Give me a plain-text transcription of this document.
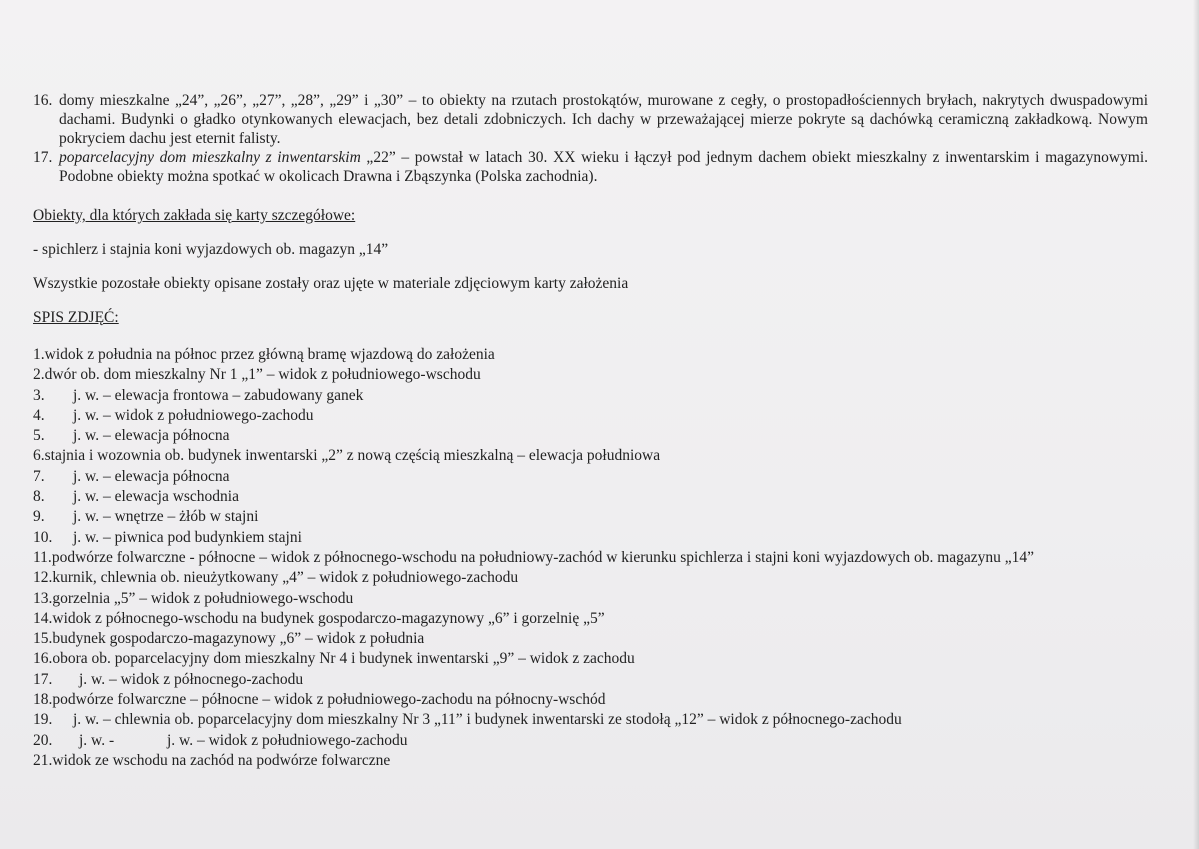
16. domy mieszkalne „24”, „26”, „27”, „28”, „29” i „30” – to obiekty na rzutach prostokątów, murowane z cegły, o prostopadłościennych bryłach, nakrytych dwuspadowymi dachami. Budynki o gładko otynkowanych elewacjach, bez detali zdobniczych. Ich dachy w przeważającej mierze pokryte są dachówką ceramiczną zakładkową. Nowym pokryciem dachu jest eternit falisty.
17. poparcelacyjny dom mieszkalny z inwentarskim „22” – powstał w latach 30. XX wieku i łączył pod jednym dachem obiekt mieszkalny z inwentarskim i magazynowymi. Podobne obiekty można spotkać w okolicach Drawna i Zbąszynka (Polska zachodnia).
Obiekty, dla których zakłada się karty szczegółowe:
- spichlerz i stajnia koni wyjazdowych ob. magazyn „14”
Wszystkie pozostałe obiekty opisane zostały oraz ujęte w materiale zdjęciowym karty założenia
SPIS ZDJĘĆ:
1.widok z południa na północ przez główną bramę wjazdową do założenia
2.dwór ob. dom mieszkalny Nr 1 „1” – widok z południowego-wschodu
3. j. w. – elewacja frontowa – zabudowany ganek
4. j. w. – widok z południowego-zachodu
5. j. w. – elewacja północna
6.stajnia i wozownia ob. budynek inwentarski „2” z nową częścią mieszkalną – elewacja południowa
7. j. w. – elewacja północna
8. j. w. – elewacja wschodnia
9. j. w. – wnętrze – żłób w stajni
10. j. w. – piwnica pod budynkiem stajni
11.podwórze folwarczne - północne – widok z północnego-wschodu na południowy-zachód w kierunku spichlerza i stajni koni wyjazdowych ob. magazynu „14”
12.kurnik, chlewnia ob. nieużytkowany „4” – widok z południowego-zachodu
13.gorzelnia „5” – widok z południowego-wschodu
14.widok z północnego-wschodu na budynek gospodarczo-magazynowy „6” i gorzelnię „5”
15.budynek gospodarczo-magazynowy „6” – widok z południa
16.obora ob. poparcelacyjny dom mieszkalny Nr 4 i budynek inwentarski „9” – widok z zachodu
17. j. w. – widok z północnego-zachodu
18.podwórze folwarczne – północne – widok z południowego-zachodu na północny-wschód
19. j. w. – chlewnia ob. poparcelacyjny dom mieszkalny Nr 3 „11” i budynek inwentarski ze stodołą „12” – widok z północnego-zachodu
20. j. w. -	j. w. – widok z południowego-zachodu
21.widok ze wschodu na zachód na podwórze folwarczne
